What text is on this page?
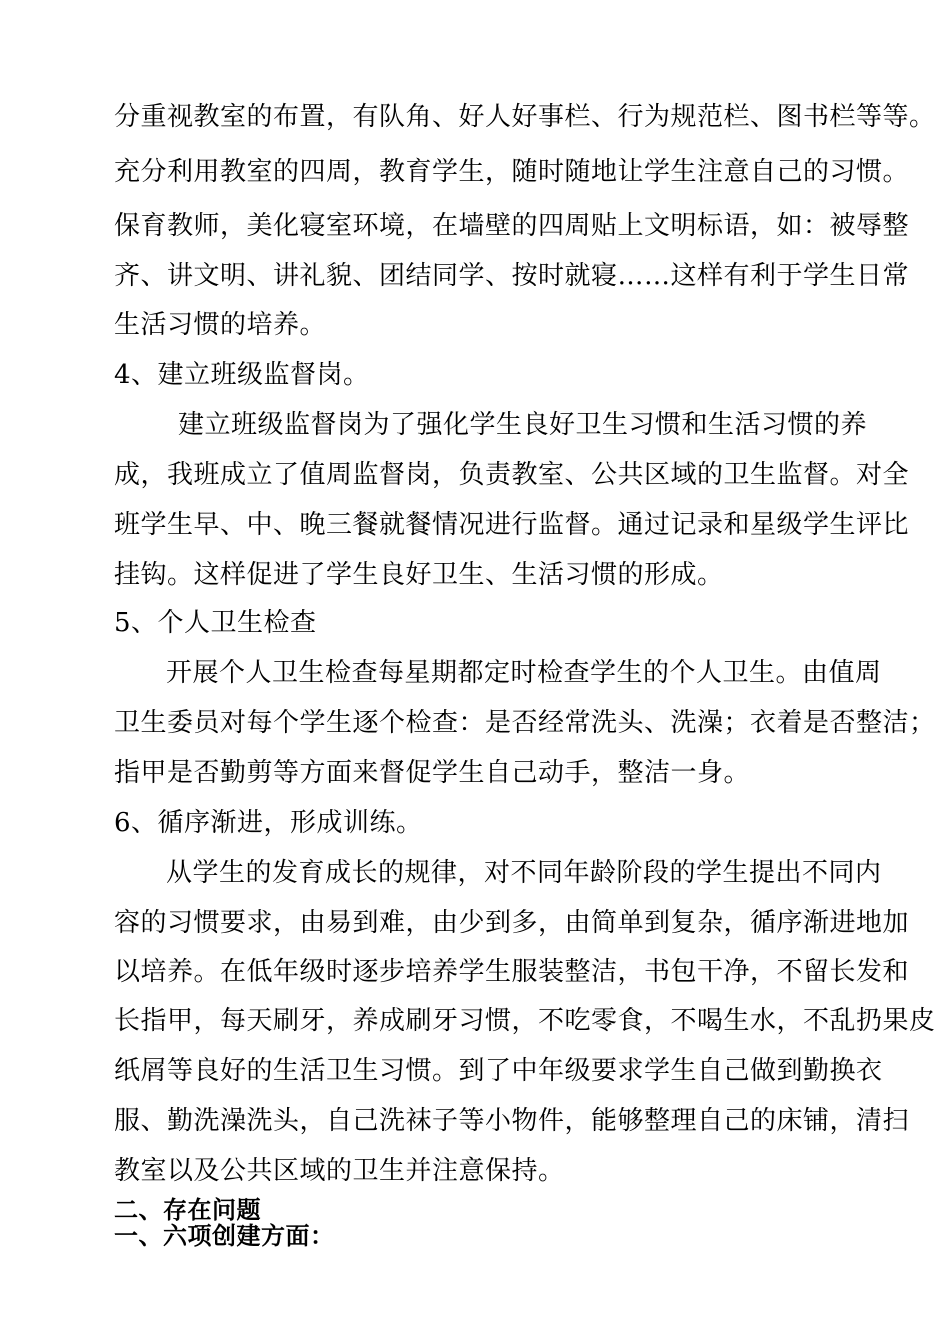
分重视教室的布置，有队角、好人好事栏、行为规范栏、图书栏等等。
充分利用教室的四周，教育学生，随时随地让学生注意自己的习惯。
保育教师，美化寝室环境，在墙壁的四周贴上文明标语，如：被辱整
齐、讲文明、讲礼貌、团结同学、按时就寝……这样有利于学生日常
生活习惯的培养。
4、建立班级监督岗。
建立班级监督岗为了强化学生良好卫生习惯和生活习惯的养
成，我班成立了值周监督岗，负责教室、公共区域的卫生监督。对全
班学生早、中、晚三餐就餐情况进行监督。通过记录和星级学生评比
挂钩。这样促进了学生良好卫生、生活习惯的形成。
5、个人卫生检查
开展个人卫生检查每星期都定时检查学生的个人卫生。由值周
卫生委员对每个学生逐个检查：是否经常洗头、洗澡；衣着是否整洁；
指甲是否勤剪等方面来督促学生自己动手，整洁一身。
6、循序渐进，形成训练。
从学生的发育成长的规律，对不同年龄阶段的学生提出不同内
容的习惯要求，由易到难，由少到多，由简单到复杂，循序渐进地加
以培养。在低年级时逐步培养学生服装整洁，书包干净，不留长发和
长指甲，每天刷牙，养成刷牙习惯，不吃零食，不喝生水，不乱扔果皮
纸屑等良好的生活卫生习惯。到了中年级要求学生自己做到勤换衣
服、勤洗澡洗头，自己洗袜子等小物件，能够整理自己的床铺，清扫
教室以及公共区域的卫生并注意保持。
二、存在问题
一、六项创建方面：
